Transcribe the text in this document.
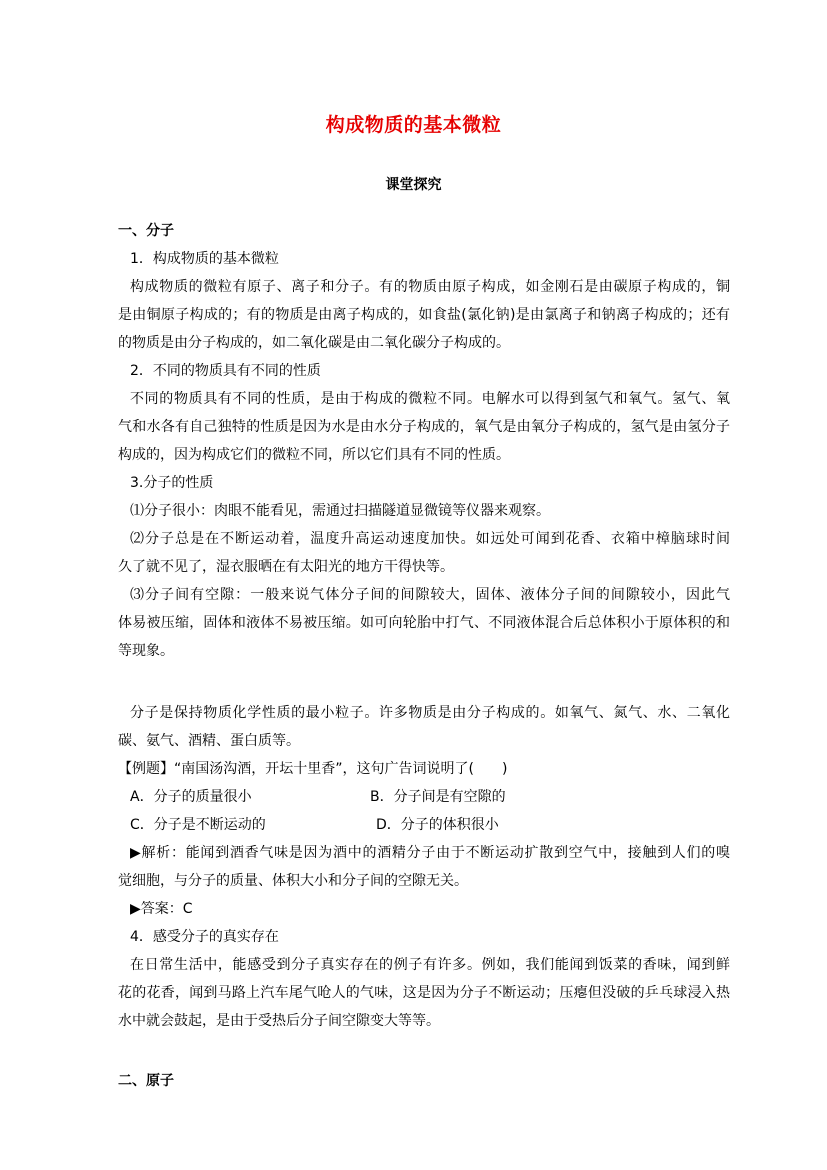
构成物质的基本微粒
课堂探究
一、分子
1．构成物质的基本微粒
构成物质的微粒有原子、离子和分子。有的物质由原子构成，如金刚石是由碳原子构成的，铜
是由铜原子构成的；有的物质是由离子构成的，如食盐(氯化钠)是由氯离子和钠离子构成的；还有
的物质是由分子构成的，如二氧化碳是由二氧化碳分子构成的。
2．不同的物质具有不同的性质
不同的物质具有不同的性质，是由于构成的微粒不同。电解水可以得到氢气和氧气。氢气、氧
气和水各有自己独特的性质是因为水是由水分子构成的，氧气是由氧分子构成的，氢气是由氢分子
构成的，因为构成它们的微粒不同，所以它们具有不同的性质。
3.分子的性质
⑴分子很小：肉眼不能看见，需通过扫描隧道显微镜等仪器来观察。
⑵分子总是在不断运动着，温度升高运动速度加快。如远处可闻到花香、衣箱中樟脑球时间
久了就不见了，湿衣服晒在有太阳光的地方干得快等。
⑶分子间有空隙：一般来说气体分子间的间隙较大，固体、液体分子间的间隙较小，因此气
体易被压缩，固体和液体不易被压缩。如可向轮胎中打气、不同液体混合后总体积小于原体积的和
等现象。
分子是保持物质化学性质的最小粒子。许多物质是由分子构成的。如氧气、氮气、水、二氧化
碳、氨气、酒精、蛋白质等。
【例题】“南国汤沟酒，开坛十里香”，这句广告词说明了(　　)
A．分子的质量很小	B．分子间是有空隙的
C．分子是不断运动的	D．分子的体积很小
▶解析：能闻到酒香气味是因为酒中的酒精分子由于不断运动扩散到空气中，接触到人们的嗅
觉细胞，与分子的质量、体积大小和分子间的空隙无关。
▶答案：C
4．感受分子的真实存在
在日常生活中，能感受到分子真实存在的例子有许多。例如，我们能闻到饭菜的香味，闻到鲜
花的花香，闻到马路上汽车尾气呛人的气味，这是因为分子不断运动；压瘪但没破的乒乓球浸入热
水中就会鼓起，是由于受热后分子间空隙变大等等。
二、原子
